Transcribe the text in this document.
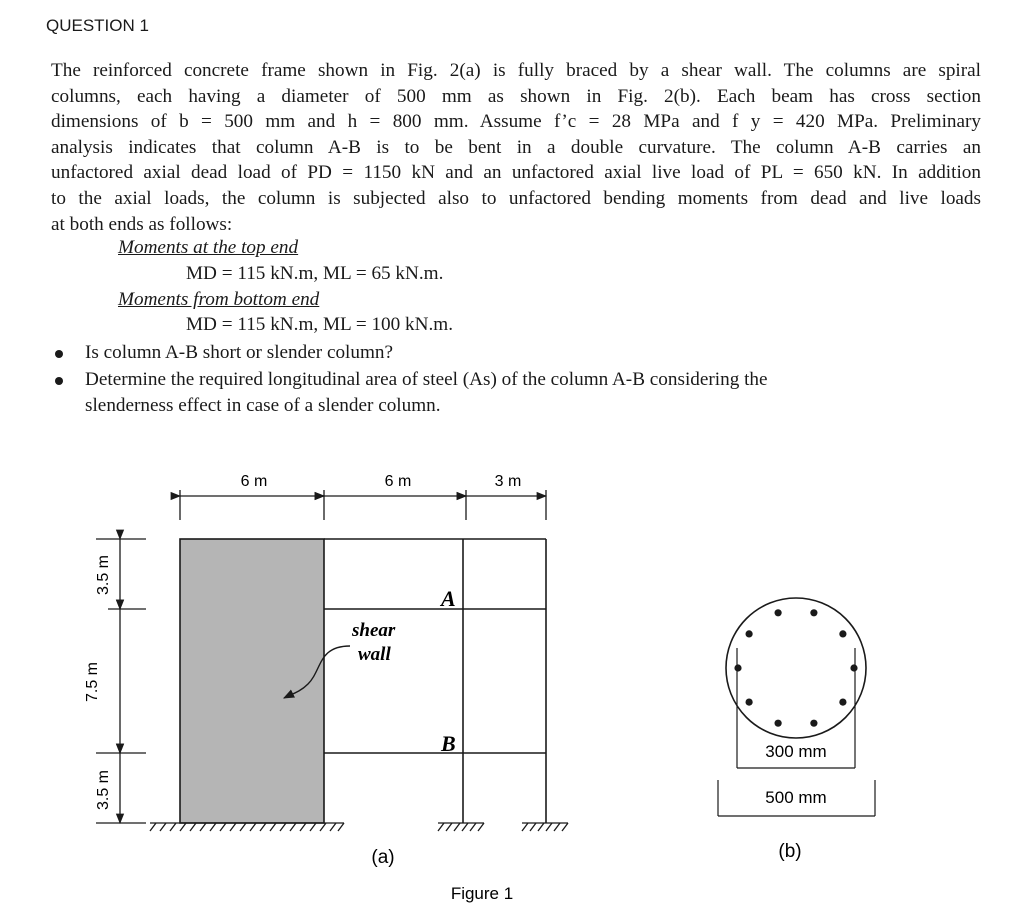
QUESTION 1
The reinforced concrete frame shown in Fig. 2(a) is fully braced by a shear wall. The columns are spiral
columns, each having a diameter of 500 mm as shown in Fig. 2(b). Each beam has cross section
dimensions of b = 500 mm and h = 800 mm. Assume f’c = 28 MPa and f y = 420 MPa. Preliminary
analysis indicates that column A-B is to be bent in a double curvature. The column A-B carries an
unfactored axial dead load of PD = 1150 kN and an unfactored axial live load of PL = 650 kN. In addition
to the axial loads, the column is subjected also to unfactored bending moments from dead and live loads
at both ends as follows:
Moments at the top end
MD = 115 kN.m, ML = 65 kN.m.
Moments from bottom end
MD = 115 kN.m, ML = 100 kN.m.
Is column A-B short or slender column?
Determine the required longitudinal area of steel (As) of the column A-B considering the
slenderness effect in case of a slender column.
6 m	6 m	3 m
3.5 m
7.5 m
3.5 m
shear
wall
A
B
(a)
300 mm
500 mm
(b)
Figure 1
